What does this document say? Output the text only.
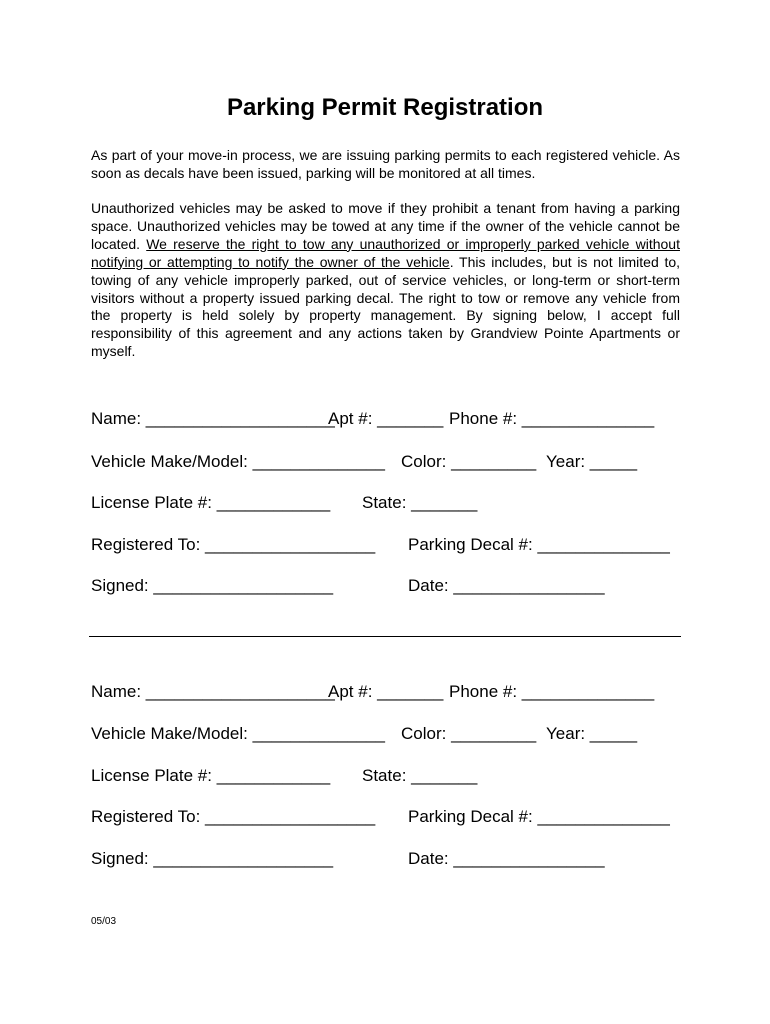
Parking Permit Registration
As part of your move-in process, we are issuing parking permits to each registered vehicle. As soon as decals have been issued, parking will be monitored at all times.
Unauthorized vehicles may be asked to move if they prohibit a tenant from having a parking space. Unauthorized vehicles may be towed at any time if the owner of the vehicle cannot be located. We reserve the right to tow any unauthorized or improperly parked vehicle without notifying or attempting to notify the owner of the vehicle. This includes, but is not limited to, towing of any vehicle improperly parked, out of service vehicles, or long-term or short-term visitors without a property issued parking decal. The right to tow or remove any vehicle from the property is held solely by property management. By signing below, I accept full responsibility of this agreement and any actions taken by Grandview Pointe Apartments or myself.
Name: ____________________
Apt #: _______ Phone #: ______________
Vehicle Make/Model: ______________ Color: _________ Year: _____
License Plate #: ____________ State: _______
Registered To: __________________ Parking Decal #: ______________
Signed: ___________________	Date: ________________
Name: ____________________
Apt #: _______ Phone #: ______________
Vehicle Make/Model: ______________ Color: _________ Year: _____
License Plate #: ____________ State: _______
Registered To: __________________ Parking Decal #: ______________
Signed: ___________________	Date: ________________
05/03
